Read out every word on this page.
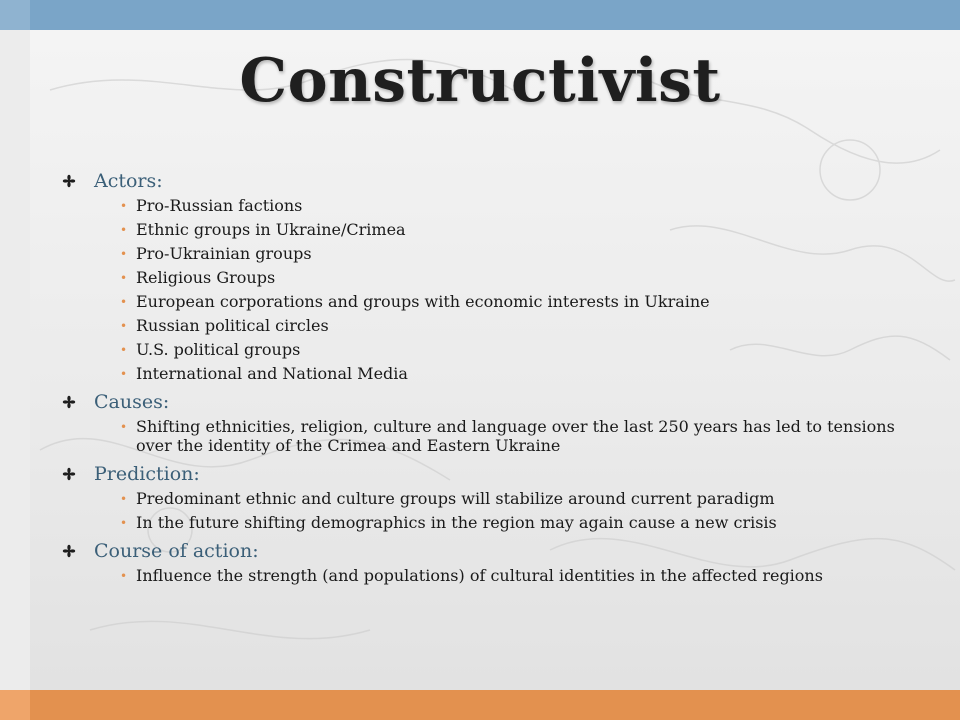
Constructivist
Actors:
• Pro-Russian factions
• Ethnic groups in Ukraine/Crimea
• Pro-Ukrainian groups
• Religious Groups
• European corporations and groups with economic interests in Ukraine
• Russian political circles
• U.S. political groups
• International and National Media
Causes:
• Shifting ethnicities, religion, culture and language over the last 250 years has led to tensions over the identity of the Crimea and Eastern Ukraine
Prediction:
• Predominant ethnic and culture groups will stabilize around current paradigm
• In the future shifting demographics in the region may again cause a new crisis
Course of action:
• Influence the strength (and populations) of cultural identities in the affected regions
